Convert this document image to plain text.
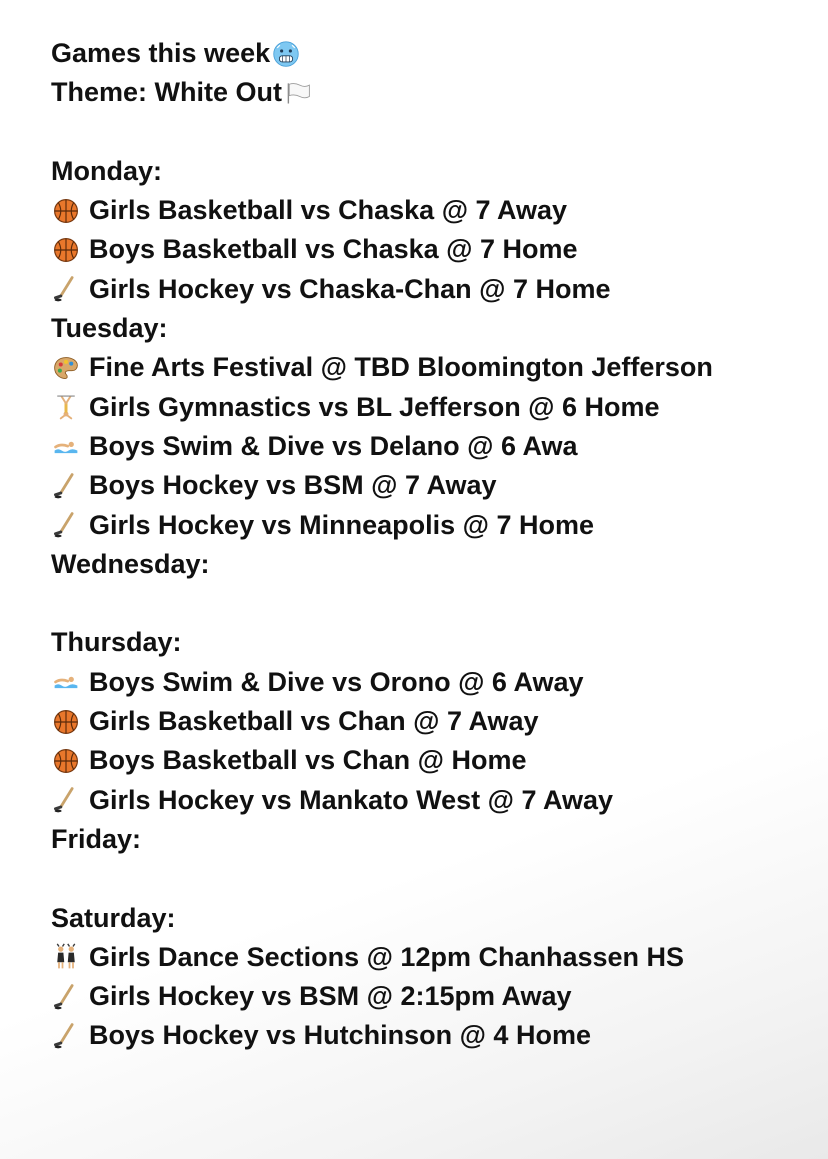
Games this week
Theme: White Out
Monday:
Girls Basketball vs Chaska @ 7 Away
Boys Basketball vs Chaska @ 7 Home
Girls Hockey vs Chaska-Chan @ 7 Home
Tuesday:
Fine Arts Festival @ TBD Bloomington Jefferson
Girls Gymnastics vs BL Jefferson @ 6 Home
Boys Swim & Dive vs Delano @ 6 Awa
Boys Hockey vs BSM @ 7 Away
Girls Hockey vs Minneapolis @ 7 Home
Wednesday:
Thursday:
Boys Swim & Dive vs Orono @ 6 Away
Girls Basketball vs Chan @ 7 Away
Boys Basketball vs Chan @ Home
Girls Hockey vs Mankato West @ 7 Away
Friday:
Saturday:
Girls Dance Sections @ 12pm Chanhassen HS
Girls Hockey vs BSM @ 2:15pm Away
Boys Hockey vs Hutchinson @ 4 Home
